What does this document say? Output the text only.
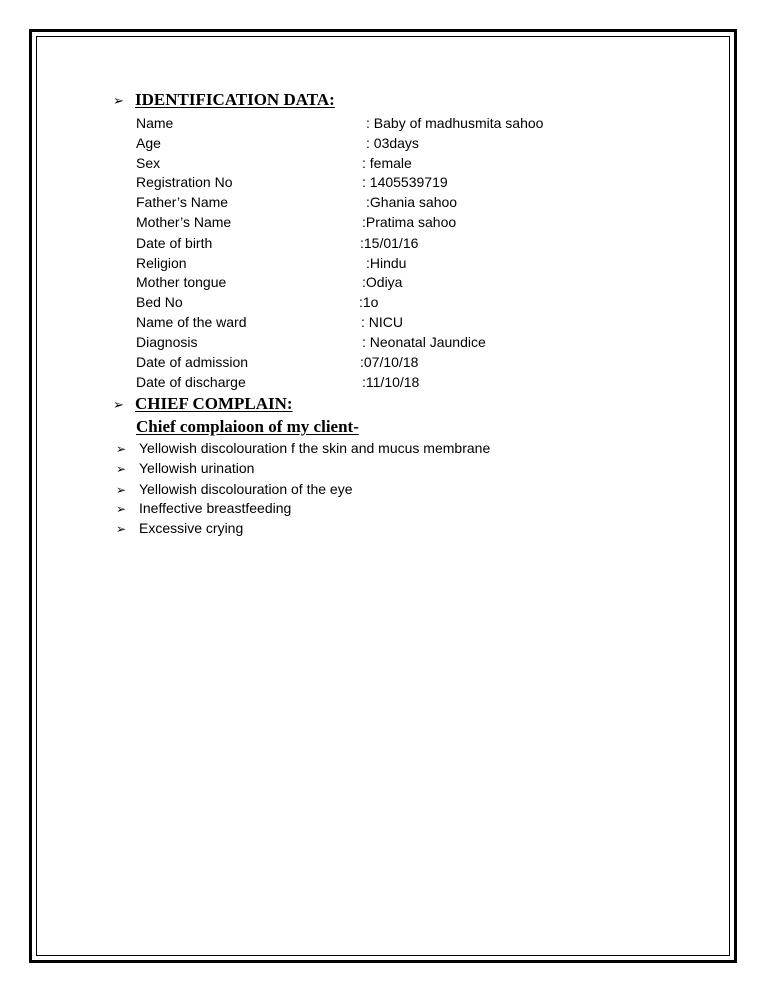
➢ IDENTIFICATION DATA:
Name	: Baby of madhusmita sahoo
Age	: 03days
Sex	: female
Registration No	: 1405539719
Father’s Name	:Ghania sahoo
Mother’s Name	:Pratima sahoo
Date of birth	:15/01/16
Religion	:Hindu
Mother tongue	:Odiya
Bed No	:1o
Name of the ward	: NICU
Diagnosis	: Neonatal Jaundice
Date of admission	:07/10/18
Date of discharge	:11/10/18
➢ CHIEF COMPLAIN:
Chief complaioon of my client-
➢ Yellowish discolouration f the skin and mucus membrane
➢ Yellowish urination
➢ Yellowish discolouration of the eye
➢ Ineffective breastfeeding
➢ Excessive crying
